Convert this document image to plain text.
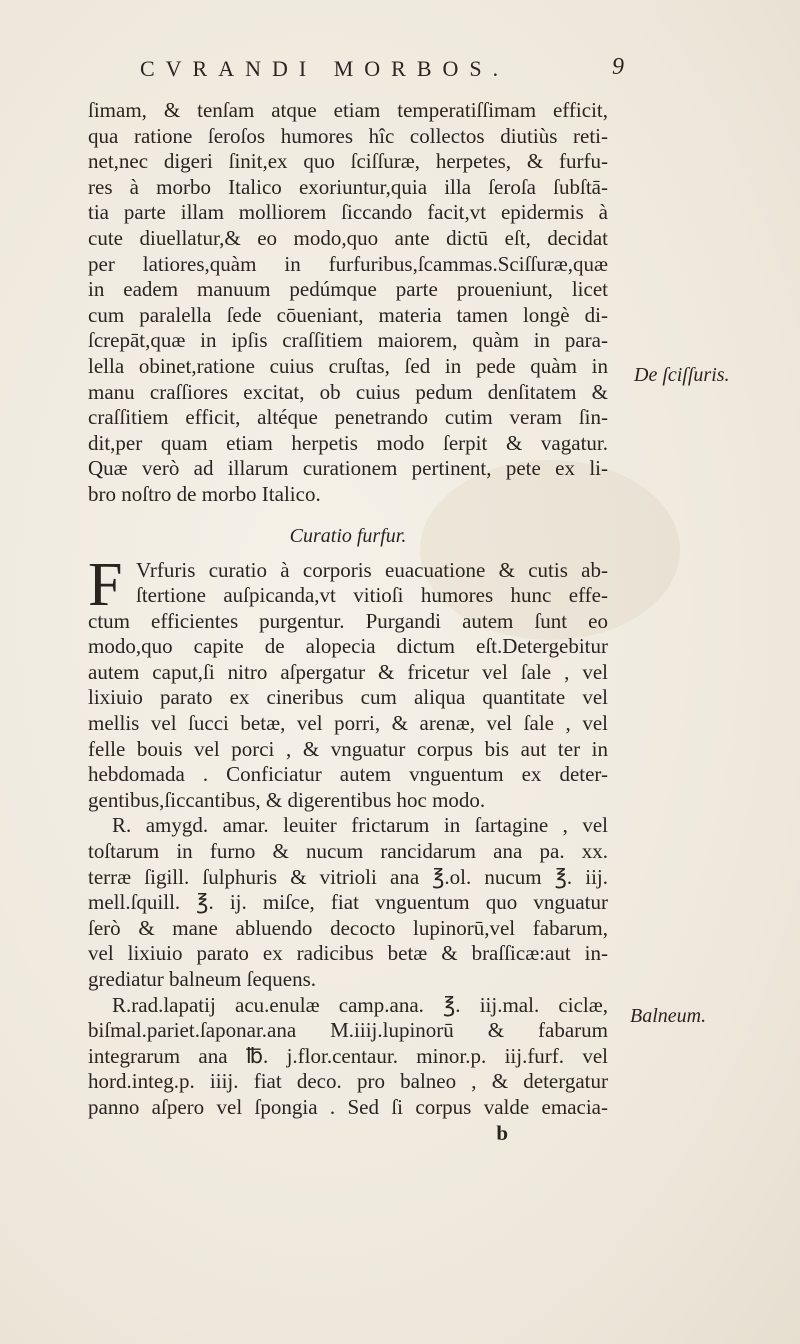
CVRANDI MORBOS.	9
ſimam, & tenſam atque etiam temperatiſſimam efficit,
qua ratione ſeroſos humores hîc collectos diutiùs reti-
net,nec digeri ſinit,ex quo ſciſſuræ, herpetes, & furfu-
res à morbo Italico exoriuntur,quia illa ſeroſa ſubſtā-
tia parte illam molliorem ſiccando facit,vt epidermis à
cute diuellatur,& eo modo,quo ante dictū eſt, decidat
per latiores,quàm in furfuribus,ſcammas.Sciſſuræ,quæ
in eadem manuum pedúmque parte proueniunt, licet
cum paralella ſede cōueniant, materia tamen longè di-
ſcrepāt,quæ in ipſis craſſitiem maiorem, quàm in para-
lella obinet,ratione cuius cruſtas, ſed in pede quàm in
manu craſſiores excitat, ob cuius pedum denſitatem &
craſſitiem efficit, altéque penetrando cutim veram ſin-
dit,per quam etiam herpetis modo ſerpit & vagatur.
Quæ verò ad illarum curationem pertinent, pete ex li-
bro noſtro de morbo Italico.
Curatio furfur.
F Vrfuris curatio à corporis euacuatione & cutis ab-
ſtertione auſpicanda,vt vitioſi humores hunc effe-
ctum efficientes purgentur. Purgandi autem ſunt eo
modo,quo capite de alopecia dictum eſt.Detergebitur
autem caput,ſi nitro aſpergatur & fricetur vel ſale , vel
lixiuio parato ex cineribus cum aliqua quantitate vel
mellis vel ſucci betæ, vel porri, & arenæ, vel ſale , vel
felle bouis vel porci , & vnguatur corpus bis aut ter in
hebdomada . Conficiatur autem vnguentum ex deter-
gentibus,ſiccantibus, & digerentibus hoc modo.
R. amygd. amar. leuiter frictarum in ſartagine , vel
toſtarum in furno & nucum rancidarum ana pa. xx.
terræ ſigill. ſulphuris & vitrioli ana ℥.ol. nucum ℥. iij.
mell.ſquill. ℥. ij. miſce, fiat vnguentum quo vnguatur
ſerò & mane abluendo decocto lupinorū,vel fabarum,
vel lixiuio parato ex radicibus betæ & braſſicæ:aut in-
grediatur balneum ſequens.
R.rad.lapatij acu.enulæ camp.ana. ℥. iij.mal. ciclæ,
biſmal.pariet.ſaponar.ana M.iiij.lupinorū & fabarum
integrarum ana ℔. j.flor.centaur. minor.p. iij.furf. vel
hord.integ.p. iiij. fiat deco. pro balneo , & detergatur
panno aſpero vel ſpongia . Sed ſi corpus valde emacia-
b
De ſciſſuris.
Balneum.
